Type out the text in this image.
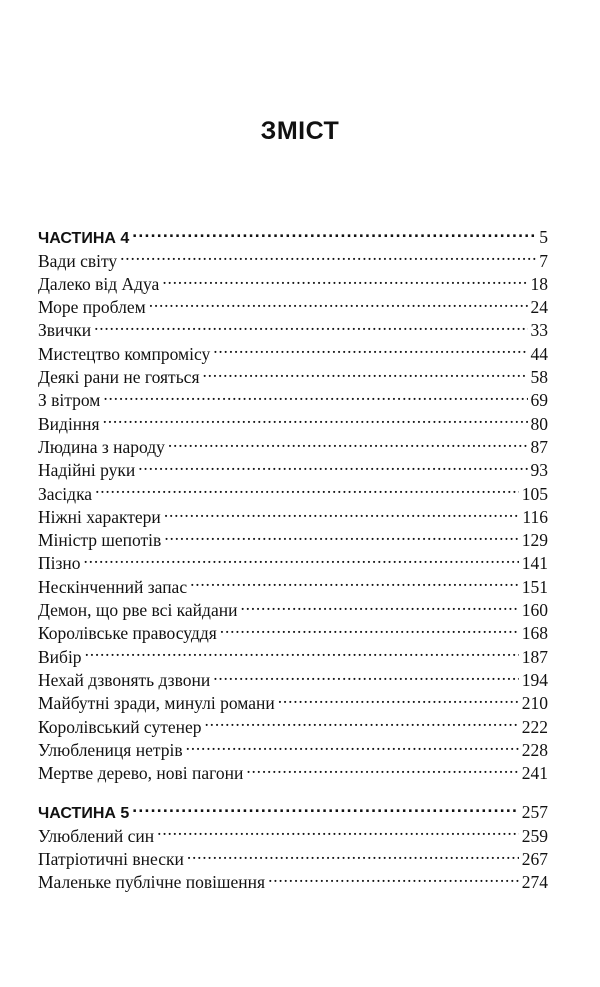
ЗМІСТ
ЧАСТИНА 4 . . .	5
Вади світу . . .	7
Далеко від Адуа . . .	18
Море проблем . . .	24
Звички . . .	33
Мистецтво компромісу . . .	44
Деякі рани не гояться . . .	58
З вітром . . .	69
Видіння . . .	80
Людина з народу . . .	87
Надійні руки . . .	93
Засідка . . .	105
Ніжні характери . . .	116
Міністр шепотів . . .	129
Пізно . . .	141
Нескінченний запас . . .	151
Демон, що рве всі кайдани . . .	160
Королівське правосуддя . . .	168
Вибір . . .	187
Нехай дзвонять дзвони . . .	194
Майбутні зради, минулі романи . . .	210
Королівський сутенер . . .	222
Улюблениця нетрів . . .	228
Мертве дерево, нові пагони . . .	241
ЧАСТИНА 5 . . .	257
Улюблений син . . .	259
Патріотичні внески . . .	267
Маленьке публічне повішення . . .	274
